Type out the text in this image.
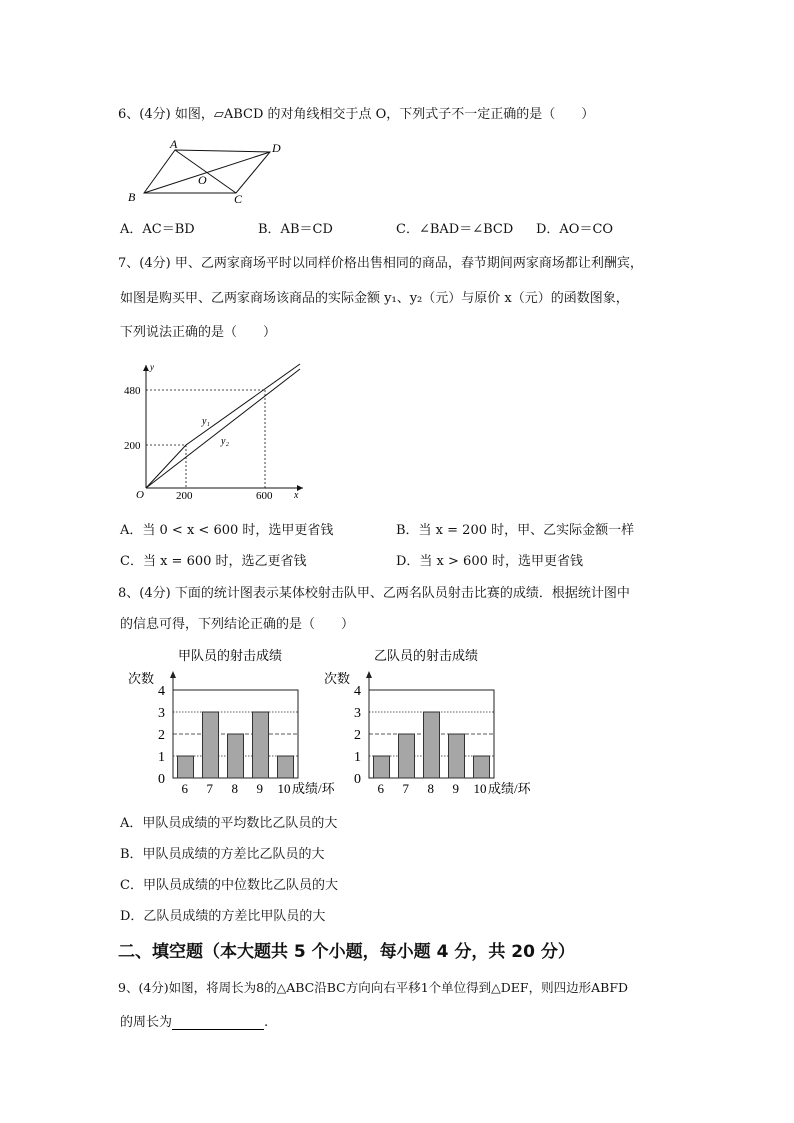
6、(4分) 如图，▱ABCD 的对角线相交于点 O，下列式子不一定正确的是（　　）
A	D
B	C
O
A．AC＝BD	B．AB＝CD	C．∠BAD＝∠BCD D．AO＝CO
7、(4分) 甲、乙两家商场平时以同样价格出售相同的商品，春节期间两家商场都让利酬宾，
如图是购买甲、乙两家商场该商品的实际金额 y₁、y₂（元）与原价 x（元）的函数图象，
下列说法正确的是（　　）
y
x
O
480
200
200	600
y₁
y₂
A．当 0 < x < 600 时，选甲更省钱	B．当 x = 200 时，甲、乙实际金额一样
C．当 x = 600 时，选乙更省钱	D．当 x > 600 时，选甲更省钱
8、(4分) 下面的统计图表示某体校射击队甲、乙两名队员射击比赛的成绩．根据统计图中
的信息可得，下列结论正确的是（　　）
甲队员的射击成绩
次数
0
1
2
3
4
6 7 8 9 10 成绩/环
乙队员的射击成绩
次数
0
1
2
3
4
6 7 8 9 10 成绩/环
A．甲队员成绩的平均数比乙队员的大
B．甲队员成绩的方差比乙队员的大
C．甲队员成绩的中位数比乙队员的大
D．乙队员成绩的方差比甲队员的大
二、填空题（本大题共 5 个小题，每小题 4 分，共 20 分）
9、(4分)如图，将周长为8的△ABC沿BC方向向右平移1个单位得到△DEF，则四边形ABFD
的周长为	.
